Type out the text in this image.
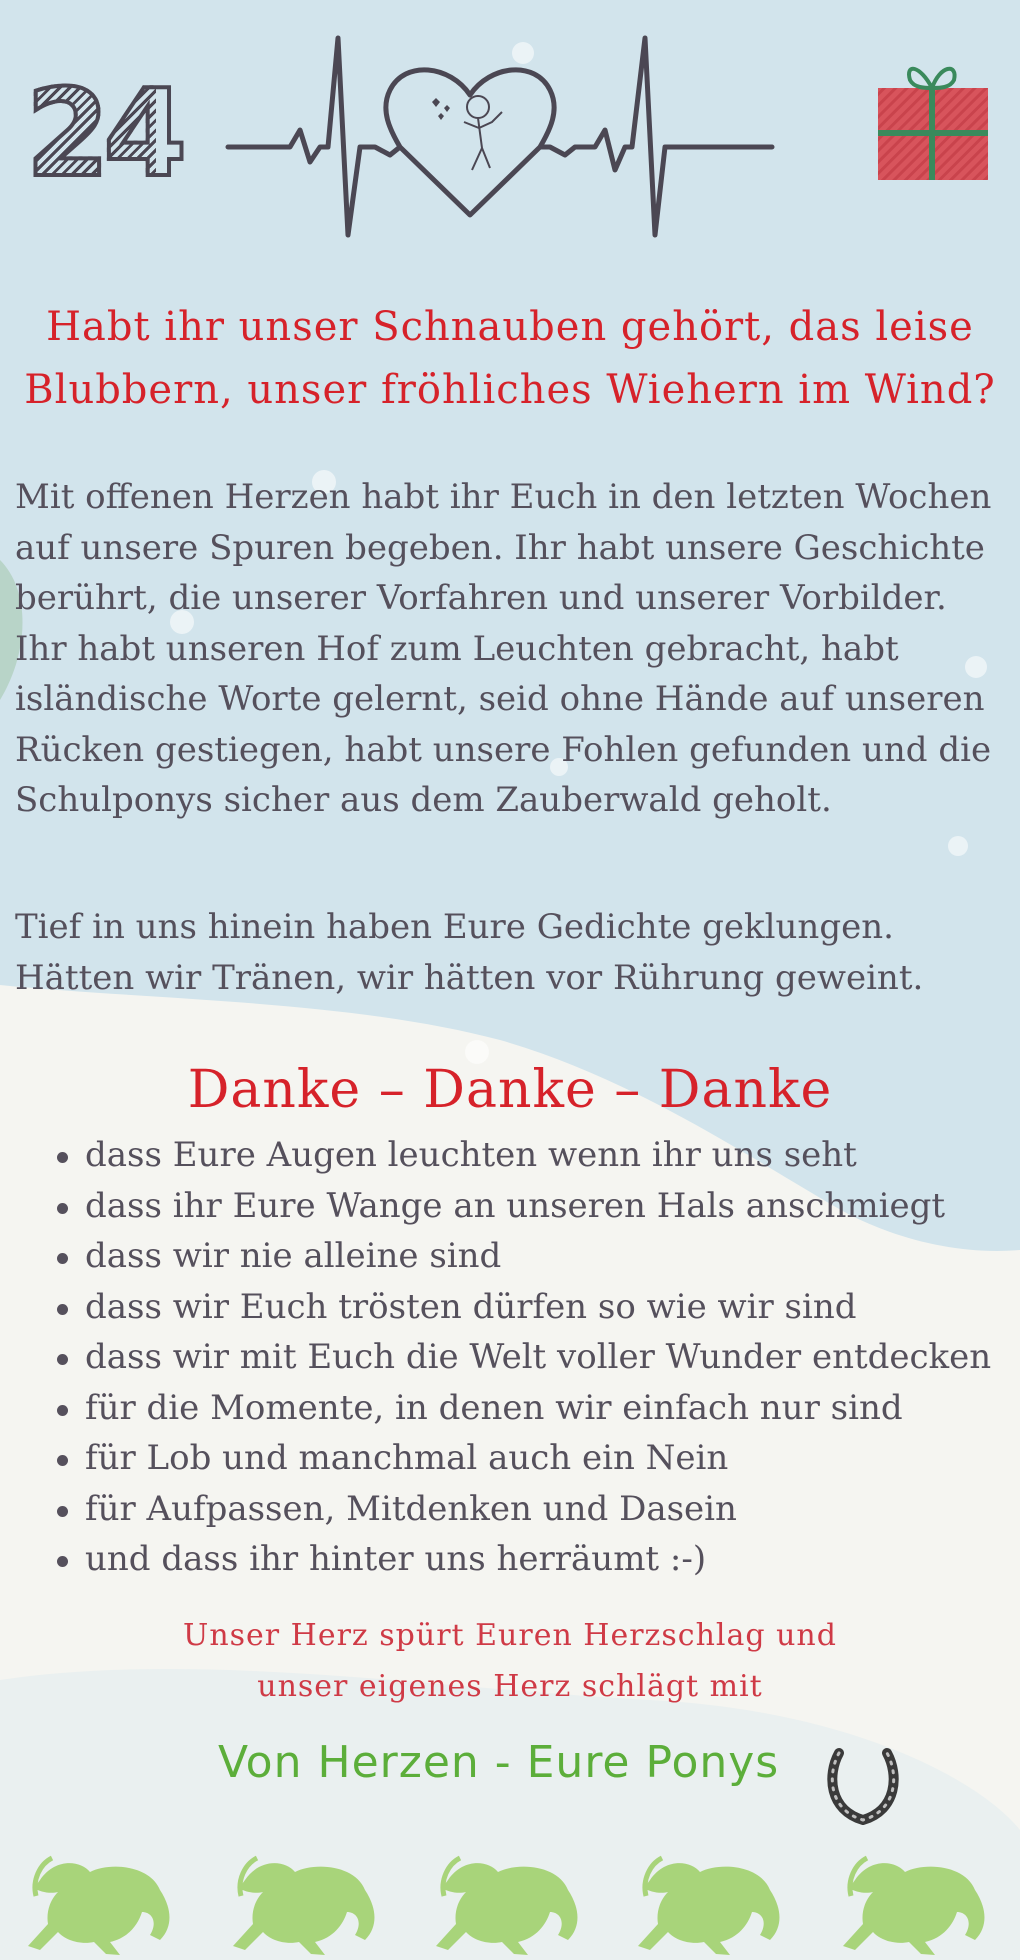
24
Habt ihr unser Schnauben gehört, das leise
Blubbern, unser fröhliches Wiehern im Wind?
Mit offenen Herzen habt ihr Euch in den letzten Wochen auf unsere Spuren begeben. Ihr habt unsere Geschichte berührt, die unserer Vorfahren und unserer Vorbilder. Ihr habt unseren Hof zum Leuchten gebracht, habt isländische Worte gelernt, seid ohne Hände auf unseren Rücken gestiegen, habt unsere Fohlen gefunden und die Schulponys sicher aus dem Zauberwald geholt.
Tief in uns hinein haben Eure Gedichte geklungen. Hätten wir Tränen, wir hätten vor Rührung geweint.
Danke – Danke – Danke
dass Eure Augen leuchten wenn ihr uns seht
dass ihr Eure Wange an unseren Hals anschmiegt
dass wir nie alleine sind
dass wir Euch trösten dürfen so wie wir sind
dass wir mit Euch die Welt voller Wunder entdecken
für die Momente, in denen wir einfach nur sind
für Lob und manchmal auch ein Nein
für Aufpassen, Mitdenken und Dasein
und dass ihr hinter uns herräumt :-)
Unser Herz spürt Euren Herzschlag und
unser eigenes Herz schlägt mit
Von Herzen - Eure Ponys
